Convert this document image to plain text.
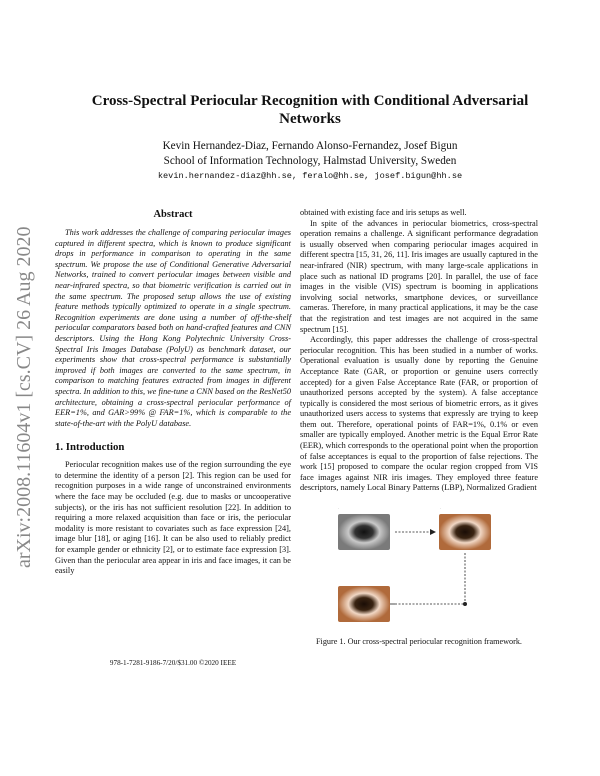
arXiv:2008.11604v1 [cs.CV] 26 Aug 2020
Cross-Spectral Periocular Recognition with Conditional Adversarial Networks
Kevin Hernandez-Diaz, Fernando Alonso-Fernandez, Josef Bigun
School of Information Technology, Halmstad University, Sweden
kevin.hernandez-diaz@hh.se, feralo@hh.se, josef.bigun@hh.se
Abstract

This work addresses the challenge of comparing periocular images captured in different spectra, which is known to produce significant drops in performance in comparison to operating in the same spectrum. We propose the use of Conditional Generative Adversarial Networks, trained to convert periocular images between visible and near-infrared spectra, so that biometric verification is carried out in the same spectrum. The proposed setup allows the use of existing feature methods typically optimized to operate in a single spectrum. Recognition experiments are done using a number of off-the-shelf periocular comparators based both on hand-crafted features and CNN descriptors. Using the Hong Kong Polytechnic University Cross-Spectral Iris Images Database (PolyU) as benchmark dataset, our experiments show that cross-spectral performance is substantially improved if both images are converted to the same spectrum, in comparison to matching features extracted from images in different spectra. In addition to this, we fine-tune a CNN based on the ResNet50 architecture, obtaining a cross-spectral periocular performance of EER=1%, and GAR>99% @ FAR=1%, which is comparable to the state-of-the-art with the PolyU database.

1. Introduction

Periocular recognition makes use of the region surrounding the eye to determine the identity of a person [2]. This region can be used for recognition purposes in a wide range of unconstrained environments where the face may be occluded (e.g. due to masks or uncooperative subjects), or the iris has not sufficient resolution [22]. In addition to requiring a more relaxed acquisition than face or iris, the periocular modality is more resistant to covariates such as face expression [24], image blur [18], or aging [16]. It can be also used to reliably predict for example gender or ethnicity [2], or to estimate face expression [3]. Given than the periocular area appear in iris and face images, it can be easily

978-1-7281-9186-7/20/$31.00 ©2020 IEEE

obtained with existing face and iris setups as well.

In spite of the advances in periocular biometrics, cross-spectral operation remains a challenge. A significant performance degradation is usually observed when comparing periocular images acquired in different spectra [15, 31, 26, 11]. Iris images are usually captured in the near-infrared (NIR) spectrum, with many large-scale applications in place such as national ID programs [20]. In parallel, the use of face images in the visible (VIS) spectrum is booming in applications involving social networks, smartphone devices, or surveillance cameras. Therefore, in many practical applications, it may be the case that the registration and test images are not acquired in the same spectrum [15].

Accordingly, this paper addresses the challenge of cross-spectral periocular recognition. This has been studied in a number of works. Operational evaluation is usually done by reporting the Genuine Acceptance Rate (GAR, or proportion or genuine users correctly accepted) for a given False Acceptance Rate (FAR, or proportion of unauthorized persons accepted by the system). A false acceptance typically is considered the most serious of biometric errors, as it gives unauthorized users access to systems that expressly are trying to keep them out. Therefore, operational points of FAR=1%, 0.1% or even smaller are typically employed. Another metric is the Equal Error Rate (EER), which corresponds to the operational point when the proportion of false acceptances is equal to the proportion of false rejections. The work [15] proposed to compare the ocular region cropped from VIS face images against NIR iris images. They employed three feature descriptors, namely Local Binary Patterns (LBP), Normalized Gradient

·	·
Figure 1. Our cross-spectral periocular recognition framework.
